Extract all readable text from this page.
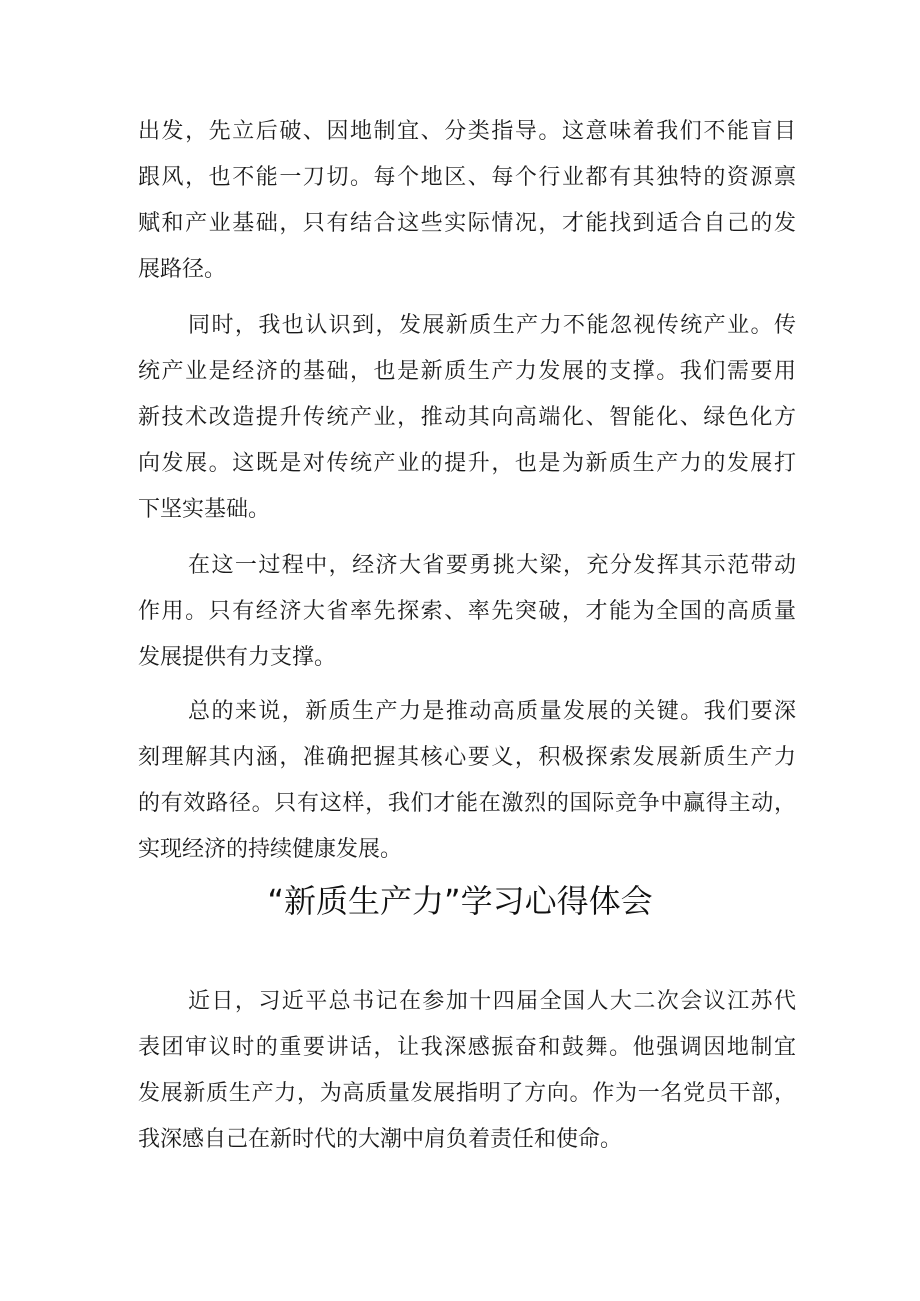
出发，先立后破、因地制宜、分类指导。这意味着我们不能盲目
跟风，也不能一刀切。每个地区、每个行业都有其独特的资源禀
赋和产业基础，只有结合这些实际情况，才能找到适合自己的发
展路径。
同时，我也认识到，发展新质生产力不能忽视传统产业。传
统产业是经济的基础，也是新质生产力发展的支撑。我们需要用
新技术改造提升传统产业，推动其向高端化、智能化、绿色化方
向发展。这既是对传统产业的提升，也是为新质生产力的发展打
下坚实基础。
在这一过程中，经济大省要勇挑大梁，充分发挥其示范带动
作用。只有经济大省率先探索、率先突破，才能为全国的高质量
发展提供有力支撑。
总的来说，新质生产力是推动高质量发展的关键。我们要深
刻理解其内涵，准确把握其核心要义，积极探索发展新质生产力
的有效路径。只有这样，我们才能在激烈的国际竞争中赢得主动，
实现经济的持续健康发展。
“新质生产力”学习心得体会
近日，习近平总书记在参加十四届全国人大二次会议江苏代
表团审议时的重要讲话，让我深感振奋和鼓舞。他强调因地制宜
发展新质生产力，为高质量发展指明了方向。作为一名党员干部，
我深感自己在新时代的大潮中肩负着责任和使命。
